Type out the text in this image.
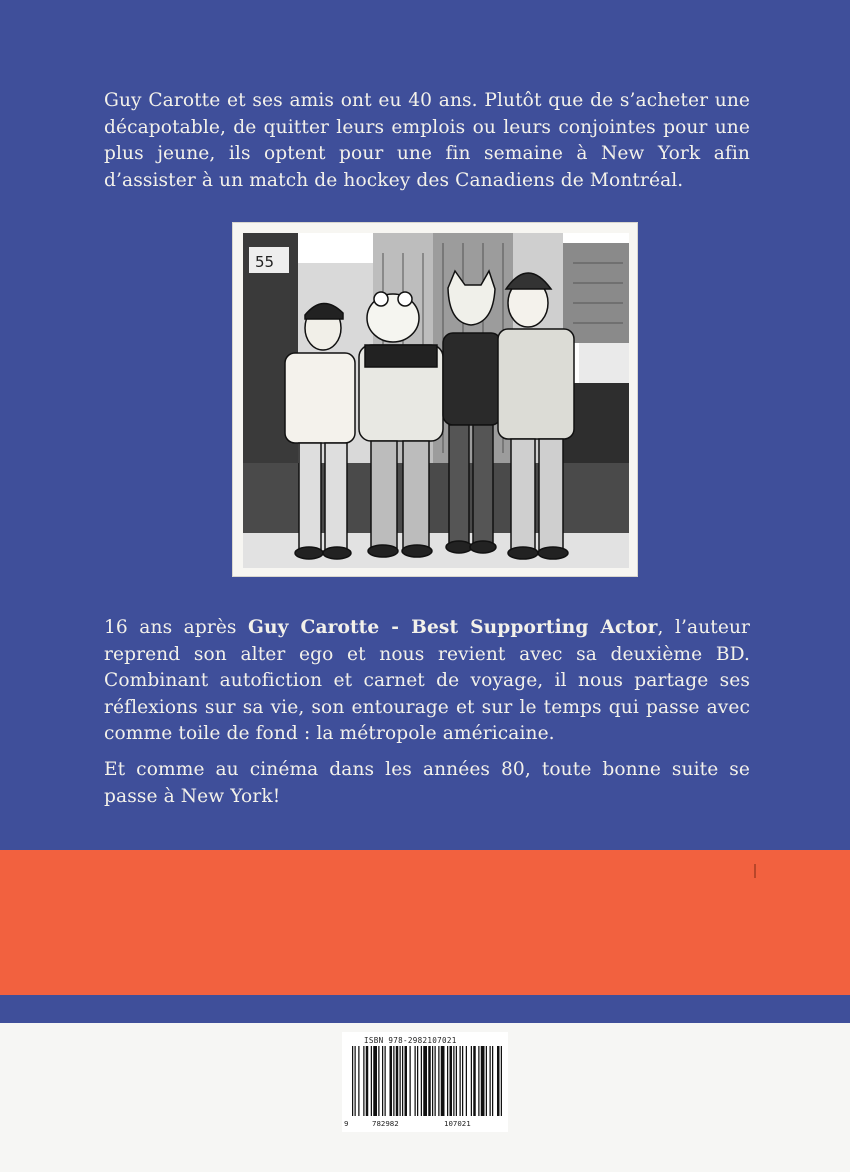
Guy Carotte et ses amis ont eu 40 ans. Plutôt que de s’acheter une décapotable, de quitter leurs emplois ou leurs conjointes pour une plus jeune, ils optent pour une fin semaine à New York afin d’assister à un match de hockey des Canadiens de Montréal.

55

16 ans après Guy Carotte - Best Supporting Actor, l’auteur reprend son alter ego et nous revient avec sa deuxième BD. Combinant autofiction et carnet de voyage, il nous partage ses réflexions sur sa vie, son entourage et sur le temps qui passe avec comme toile de fond : la métropole américaine.

Et comme au cinéma dans les années 80, toute bonne suite se passe à New York!

ISBN 978-2982107021
9	782982	107021
